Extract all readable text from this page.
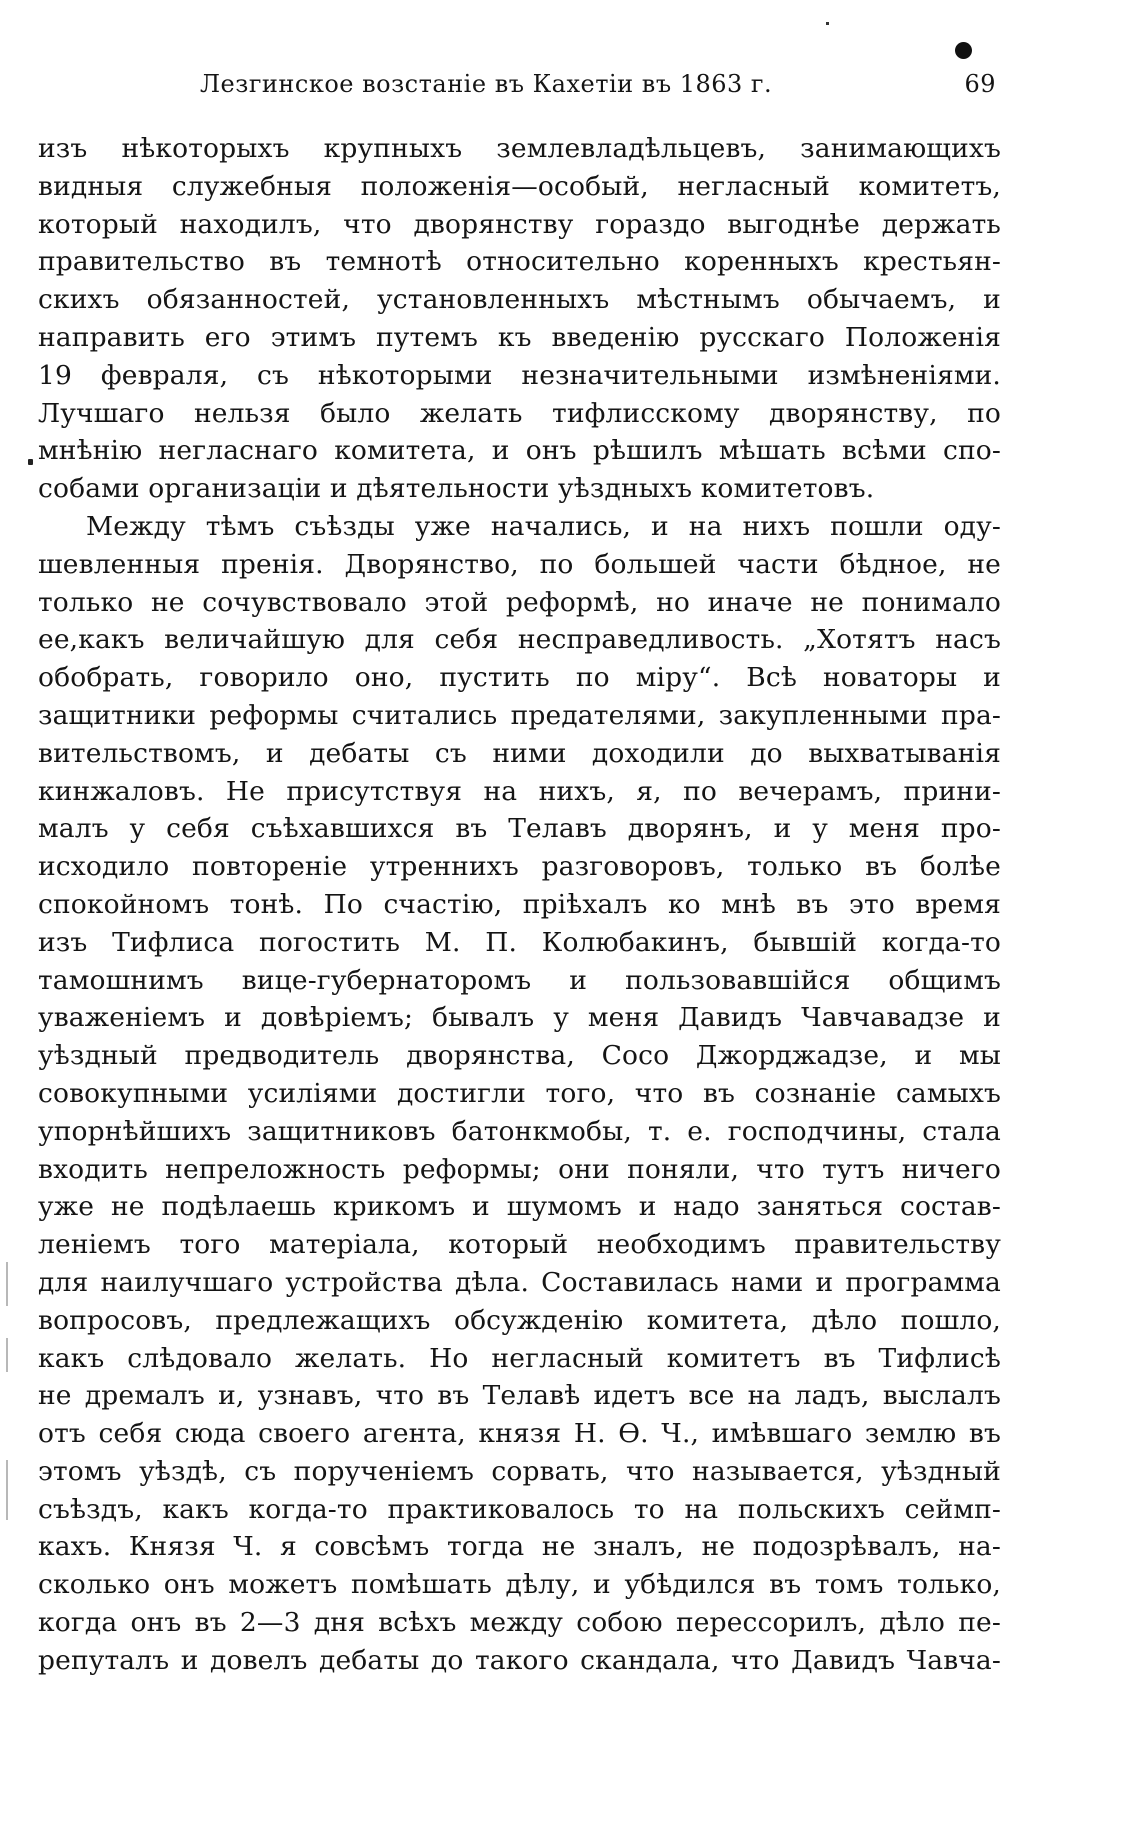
Лезгинское возстаніе въ Кахетіи въ 1863 г.	69
изъ нѣкоторыхъ крупныхъ землевладѣльцевъ, занимающихъ
видныя служебныя положенія—особый, негласный комитетъ,
который находилъ, что дворянству гораздо выгоднѣе держать
правительство въ темнотѣ относительно коренныхъ крестьян-
скихъ обязанностей, установленныхъ мѣстнымъ обычаемъ, и
направить его этимъ путемъ къ введенію русскаго Положенія
19 февраля, съ нѣкоторыми незначительными измѣненіями.
Лучшаго нельзя было желать тифлисскому дворянству, по
мнѣнію негласнаго комитета, и онъ рѣшилъ мѣшать всѣми спо-
собами организаціи и дѣятельности уѣздныхъ комитетовъ.
Между тѣмъ съѣзды уже начались, и на нихъ пошли оду-
шевленныя пренія. Дворянство, по большей части бѣдное, не
только не сочувствовало этой реформѣ, но иначе не понимало
ее,какъ величайшую для себя несправедливость. „Хотятъ насъ
обобрать, говорило оно, пустить по міру“. Всѣ новаторы и
защитники реформы считались предателями, закупленными пра-
вительствомъ, и дебаты съ ними доходили до выхватыванія
кинжаловъ. Не присутствуя на нихъ, я, по вечерамъ, прини-
малъ у себя съѣхавшихся въ Телавъ дворянъ, и у меня про-
исходило повтореніе утреннихъ разговоровъ, только въ болѣе
спокойномъ тонѣ. По счастію, пріѣхалъ ко мнѣ въ это время
изъ Тифлиса погостить М. П. Колюбакинъ, бывшій когда-то
тамошнимъ вице-губернаторомъ и пользовавшійся общимъ
уваженіемъ и довѣріемъ; бывалъ у меня Давидъ Чавчавадзе и
уѣздный предводитель дворянства, Сосо Джорджадзе, и мы
совокупными усиліями достигли того, что въ сознаніе самыхъ
упорнѣйшихъ защитниковъ батонкмобы, т. е. господчины, стала
входить непреложность реформы; они поняли, что тутъ ничего
уже не подѣлаешь крикомъ и шумомъ и надо заняться состав-
леніемъ того матеріала, который необходимъ правительству
для наилучшаго устройства дѣла. Составилась нами и программа
вопросовъ, предлежащихъ обсужденію комитета, дѣло пошло,
какъ слѣдовало желать. Но негласный комитетъ въ Тифлисѣ
не дремалъ и, узнавъ, что въ Телавѣ идетъ все на ладъ, выслалъ
отъ себя сюда своего агента, князя Н. Ѳ. Ч., имѣвшаго землю въ
этомъ уѣздѣ, съ порученіемъ сорвать, что называется, уѣздный
съѣздъ, какъ когда-то практиковалось то на польскихъ сеймп-
кахъ. Князя Ч. я совсѣмъ тогда не зналъ, не подозрѣвалъ, на-
сколько онъ можетъ помѣшать дѣлу, и убѣдился въ томъ только,
когда онъ въ 2—3 дня всѣхъ между собою перессорилъ, дѣло пе-
репуталъ и довелъ дебаты до такого скандала, что Давидъ Чавча-
